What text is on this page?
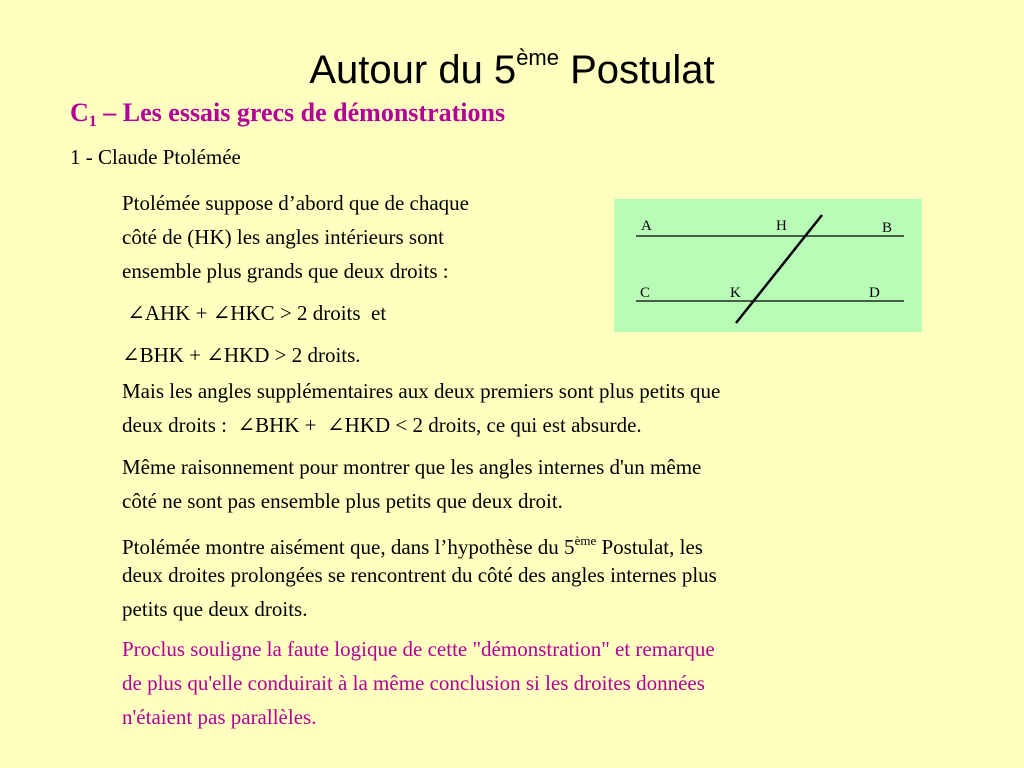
Autour du 5ème Postulat
$C_1$ – Les essais grecs de démonstrations
1 - Claude Ptolémée
Ptolémée suppose d’abord que de chaque
côté de (HK) les angles intérieurs sont
ensemble plus grands que deux droits :
∠AHK + ∠HKC > 2 droits  et
∠BHK + ∠HKD > 2 droits.
Mais les angles supplémentaires aux deux premiers sont plus petits que
deux droits :  ∠BHK +  ∠HKD < 2 droits, ce qui est absurde.
Même raisonnement pour montrer que les angles internes d'un même
côté ne sont pas ensemble plus petits que deux droit.
Ptolémée montre aisément que, dans l’hypothèse du 5ème Postulat, les
deux droites prolongées se rencontrent du côté des angles internes plus
petits que deux droits.
Proclus souligne la faute logique de cette "démonstration" et remarque
de plus qu'elle conduirait à la même conclusion si les droites données
n'étaient pas parallèles.
A	H	B
C	K	D
